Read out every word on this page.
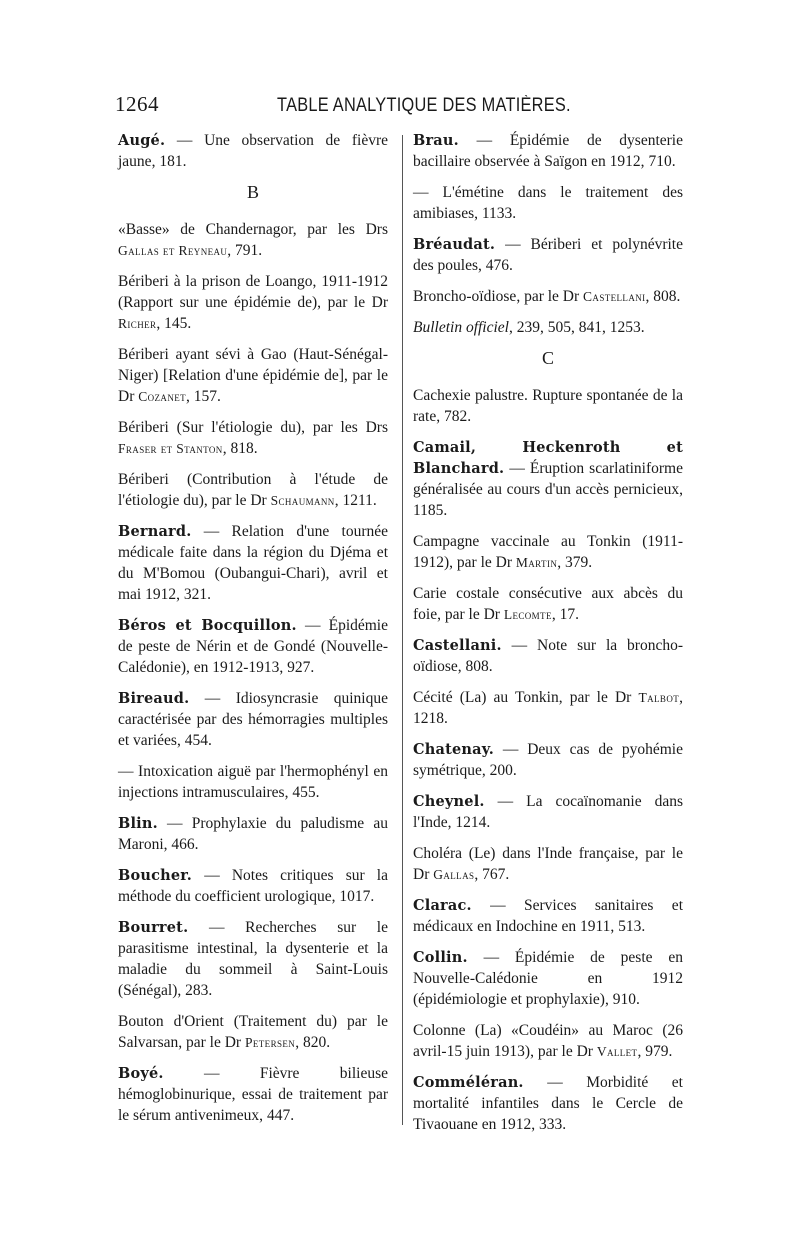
1264	TABLE ANALYTIQUE DES MATIÈRES.
Augé. — Une observation de fièvre jaune, 181.
B
«Basse» de Chandernagor, par les Drs Gallas et Reyneau, 791.
Bériberi à la prison de Loango, 1911-1912 (Rapport sur une épidémie de), par le Dr Richer, 145.
Bériberi ayant sévi à Gao (Haut-Sénégal-Niger) [Relation d'une épidémie de], par le Dr Cozanet, 157.
Bériberi (Sur l'étiologie du), par les Drs Fraser et Stanton, 818.
Bériberi (Contribution à l'étude de l'étiologie du), par le Dr Schaumann, 1211.
Bernard. — Relation d'une tournée médicale faite dans la région du Djéma et du M'Bomou (Oubangui-Chari), avril et mai 1912, 321.
Béros et Bocquillon. — Épidémie de peste de Nérin et de Gondé (Nouvelle-Calédonie), en 1912-1913, 927.
Bireaud. — Idiosyncrasie quinique caractérisée par des hémorragies multiples et variées, 454.
— Intoxication aiguë par l'hermophényl en injections intramusculaires, 455.
Blin. — Prophylaxie du paludisme au Maroni, 466.
Boucher. — Notes critiques sur la méthode du coefficient urologique, 1017.
Bourret. — Recherches sur le parasitisme intestinal, la dysenterie et la maladie du sommeil à Saint-Louis (Sénégal), 283.
Bouton d'Orient (Traitement du) par le Salvarsan, par le Dr Petersen, 820.
Boyé. — Fièvre bilieuse hémoglobinurique, essai de traitement par le sérum antivenimeux, 447.
Brau. — Épidémie de dysenterie bacillaire observée à Saïgon en 1912, 710.
— L'émétine dans le traitement des amibiases, 1133.
Bréaudat. — Bériberi et polynévrite des poules, 476.
Broncho-oïdiose, par le Dr Castellani, 808.
Bulletin officiel, 239, 505, 841, 1253.
C
Cachexie palustre. Rupture spontanée de la rate, 782.
Camail, Heckenroth et Blanchard. — Éruption scarlatiniforme généralisée au cours d'un accès pernicieux, 1185.
Campagne vaccinale au Tonkin (1911-1912), par le Dr Martin, 379.
Carie costale consécutive aux abcès du foie, par le Dr Lecomte, 17.
Castellani. — Note sur la broncho-oïdiose, 808.
Cécité (La) au Tonkin, par le Dr Talbot, 1218.
Chatenay. — Deux cas de pyohémie symétrique, 200.
Cheynel. — La cocaïnomanie dans l'Inde, 1214.
Choléra (Le) dans l'Inde française, par le Dr Gallas, 767.
Clarac. — Services sanitaires et médicaux en Indochine en 1911, 513.
Collin. — Épidémie de peste en Nouvelle-Calédonie en 1912 (épidémiologie et prophylaxie), 910.
Colonne (La) «Coudéin» au Maroc (26 avril-15 juin 1913), par le Dr Vallet, 979.
Comméléran. — Morbidité et mortalité infantiles dans le Cercle de Tivaouane en 1912, 333.
